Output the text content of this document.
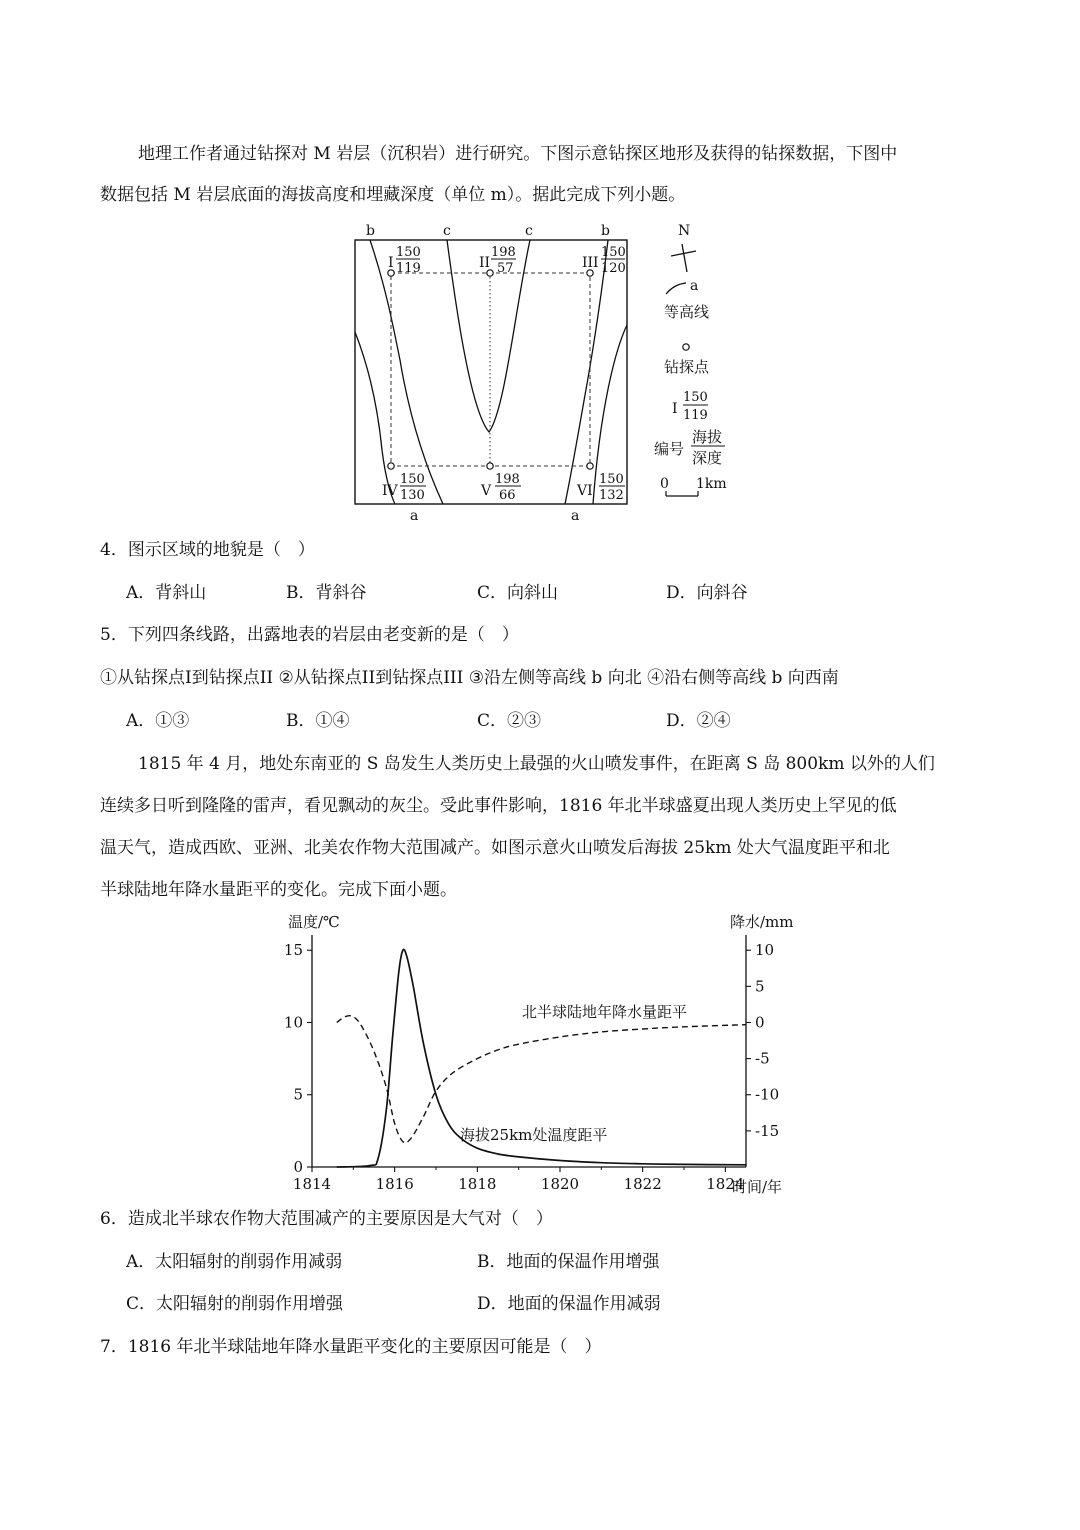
地理工作者通过钻探对 M 岩层（沉积岩）进行研究。下图示意钻探区地形及获得的钻探数据，下图中
数据包括 M 岩层底面的海拔高度和埋藏深度（单位 m）。据此完成下列小题。
b	c	c	b
a	a
I
150
119	II
198
57	III
150
120
IV
150
130	V
198
66	VI
150
132
N
a
等高线
钻探点
I
150
119
编号
海拔
深度
0 1km
4．图示区域的地貌是（　）
A．背斜山	B．背斜谷	C．向斜山	D．向斜谷
5．下列四条线路，出露地表的岩层由老变新的是（　）
①从钻探点I到钻探点II ②从钻探点II到钻探点III ③沿左侧等高线 b 向北 ④沿右侧等高线 b 向西南
A．①③	B．①④	C．②③	D．②④
1815 年 4 月，地处东南亚的 S 岛发生人类历史上最强的火山喷发事件，在距离 S 岛 800km 以外的人们
连续多日听到隆隆的雷声，看见飘动的灰尘。受此事件影响，1816 年北半球盛夏出现人类历史上罕见的低
温天气，造成西欧、亚洲、北美农作物大范围减产。如图示意火山喷发后海拔 25km 处大气温度距平和北
半球陆地年降水量距平的变化。完成下面小题。
温度/℃	降水/mm
时间/年
北半球陆地年降水量距平
海拔25km处温度距平
1814	1816	1818	1820	1822	1824
0
5
10
15	10
5
0
-5
-10
-15
6．造成北半球农作物大范围减产的主要原因是大气对（　）
A．太阳辐射的削弱作用减弱	B．地面的保温作用增强
C．太阳辐射的削弱作用增强	D．地面的保温作用减弱
7．1816 年北半球陆地年降水量距平变化的主要原因可能是（　）
